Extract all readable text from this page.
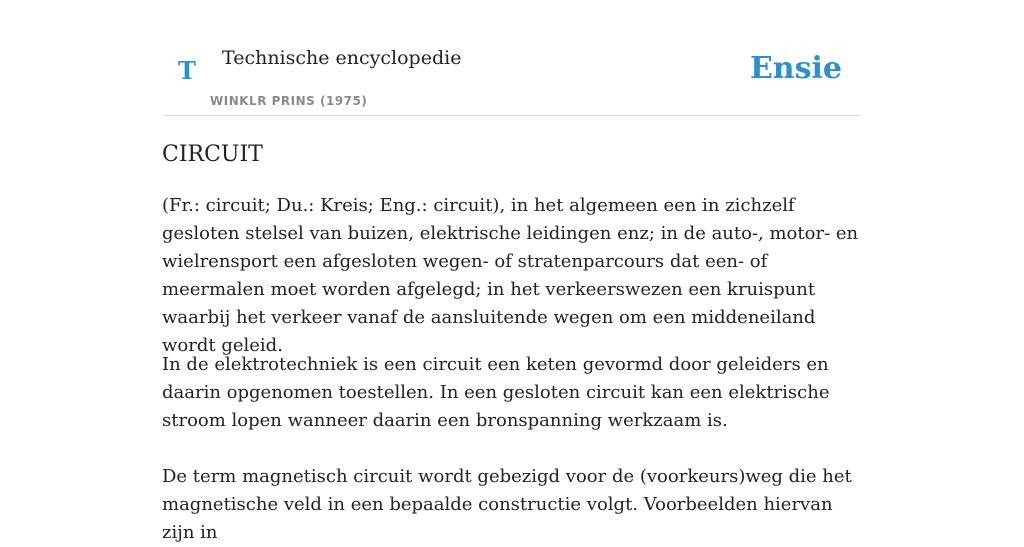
T Technische encyclopedie
WINKLR PRINS (1975)
Ensie
CIRCUIT

(Fr.: circuit; Du.: Kreis; Eng.: circuit), in het algemeen een in zichzelf gesloten stelsel van buizen, elektrische leidingen enz; in de auto-, motor- en wielrensport een afgesloten wegen- of stratenparcours dat een- of meermalen moet worden afgelegd; in het verkeerswezen een kruispunt waarbij het verkeer vanaf de aansluitende wegen om een middeneiland wordt geleid.

In de elektrotechniek is een circuit een keten gevormd door geleiders en daarin opgenomen toestellen. In een gesloten circuit kan een elektrische stroom lopen wanneer daarin een bronspanning werkzaam is.

De term magnetisch circuit wordt gebezigd voor de (voorkeurs)weg die het magnetische veld in een bepaalde constructie volgt. Voorbeelden hiervan zijn in
